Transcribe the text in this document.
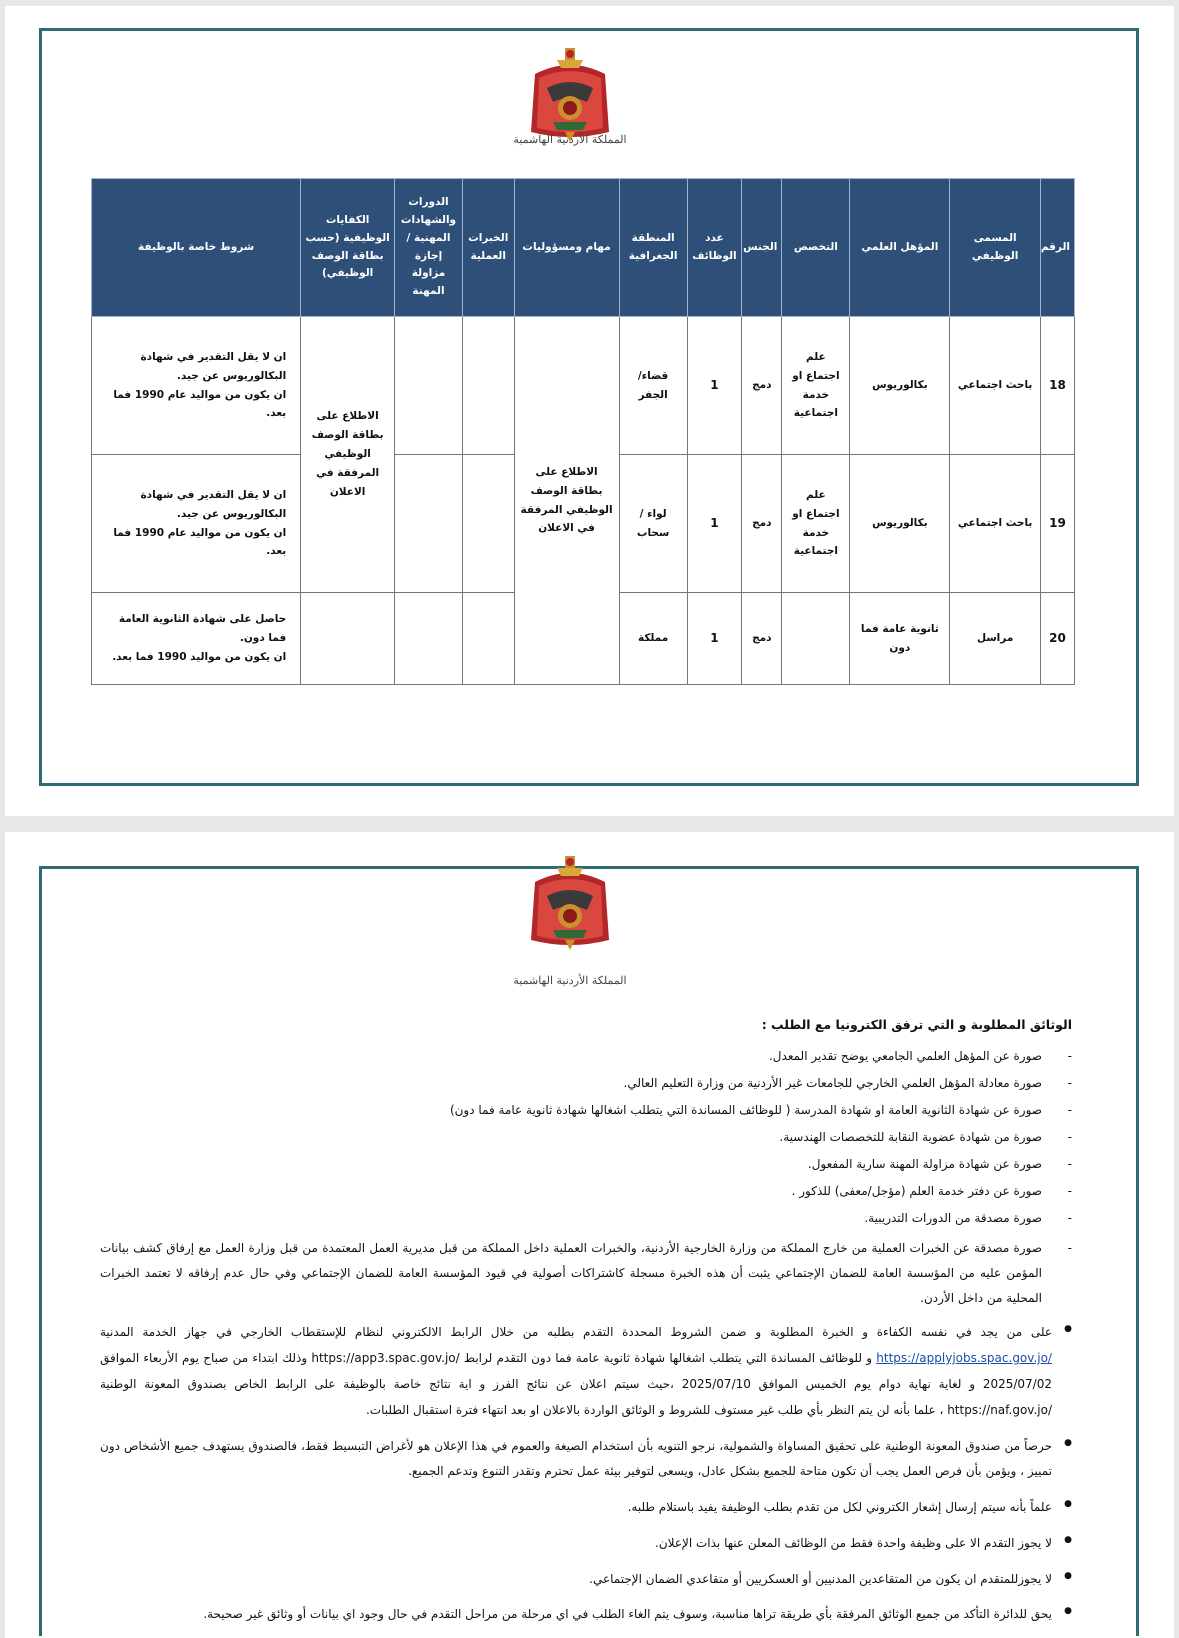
المملكة الأردنية الهاشمية
المملكة الأردنية الهاشمية
الرقم	المسمى الوظيفي	المؤهل العلمي	التخصص	الجنس	عدد الوظائف	المنطقة الجغرافية	مهام ومسؤوليات	الخبرات العملية	الدورات والشهادات المهنية /إجازة مزاولة المهنة	الكفايات الوظيفية (حسب بطاقة الوصف الوظيفي)	شروط خاصة بالوظيفة
18	باحث اجتماعي	بكالوريوس	علم اجتماع او خدمة اجتماعية	دمج	1	قضاء/الجفر	الاطلاع على بطاقة الوصف الوظيفي المرفقة في الاعلان			الاطلاع على بطاقة الوصف الوظيفي المرفقة في الاعلان	ان لا يقل التقدير في شهادة البكالوريوس عن جيد.
ان يكون من مواليد عام 1990 فما بعد.

19	باحث اجتماعي	بكالوريوس	علم اجتماع او خدمة اجتماعية	دمج	1	لواء / سحاب					ان لا يقل التقدير في شهادة البكالوريوس عن جيد.
ان يكون من مواليد عام 1990 فما بعد.

20	مراسل	ثانوية عامة فما دون		دمج	1	مملكة					حاصل على شهادة الثانوية العامة فما دون.
ان يكون من مواليد 1990 فما بعد.
الوثائق المطلوبة و التي ترفق الكترونيا مع الطلب :
- صورة عن المؤهل العلمي الجامعي يوضح تقدير المعدل.
- صورة معادلة المؤهل العلمي الخارجي للجامعات غير الأردنية من وزارة التعليم العالي.
- صورة عن شهادة الثانوية العامة او شهادة المدرسة ( للوظائف المساندة التي يتطلب اشغالها شهادة ثانوية عامة فما دون)
- صورة من شهادة عضوية النقابة للتخصصات الهندسية.
- صورة عن شهادة مزاولة المهنة سارية المفعول.
- صورة عن دفتر خدمة العلم (مؤجل/معفى) للذكور .
- صورة مصدقة من الدورات التدريبية.
- صورة مصدقة عن الخبرات العملية من خارج المملكة من وزارة الخارجية الأردنية، والخبرات العملية داخل المملكة من قبل مديرية العمل المعتمدة من قبل وزارة العمل مع إرفاق كشف بيانات المؤمن عليه من المؤسسة العامة للضمان الإجتماعي يثبت أن هذه الخبرة مسجلة كاشتراكات أصولية في قيود المؤسسة العامة للضمان الإجتماعي وفي حال عدم إرفاقه لا تعتمد الخبرات المحلية من داخل الأردن.
● على من يجد في نفسه الكفاءة و الخبرة المطلوبة و ضمن الشروط المحددة التقدم بطلبه من خلال الرابط الالكتروني لنظام للإستقطاب الخارجي في جهاز الخدمة المدنية https://applyjobs.spac.gov.jo/ و للوظائف المساندة التي يتطلب اشغالها شهادة ثانوية عامة فما دون التقدم لرابط https://app3.spac.gov.jo/ وذلك ابتداء من صباح يوم الأربعاء الموافق 2025/07/02 و لغاية نهاية دوام يوم الخميس الموافق 2025/07/10 ،حيث سيتم اعلان عن نتائج الفرز و اية نتائج خاصة بالوظيفة على الرابط الخاص بصندوق المعونة الوطنية https://naf.gov.jo/ ، علما بأنه لن يتم النظر بأي طلب غير مستوف للشروط و الوثائق الواردة بالاعلان او بعد انتهاء فترة استقبال الطلبات.
● حرصاً من صندوق المعونة الوطنية على تحقيق المساواة والشمولية، نرجو التنويه بأن استخدام الصيغة والعموم في هذا الإعلان هو لأغراض التبسيط فقط، فالصندوق يستهدف جميع الأشخاص دون تمييز ، ويؤمن بأن فرص العمل يجب أن تكون متاحة للجميع بشكل عادل، ويسعى لتوفير بيئة عمل تحترم وتقدر التنوع وتدعم الجميع.
● علماً بأنه سيتم إرسال إشعار الكتروني لكل من تقدم بطلب الوظيفة يفيد باستلام طلبه.
● لا يجوز التقدم الا على وظيفة واحدة فقط من الوظائف المعلن عنها بذات الإعلان.
● لا يجوزللمتقدم ان يكون من المتقاعدين المدنيين أو العسكريين أو متقاعدي الضمان الإجتماعي.
● يحق للدائرة التأكد من جميع الوثائق المرفقة بأي طريقة تراها مناسبة، وسوف يتم الغاء الطلب في اي مرحلة من مراحل التقدم في حال وجود اي بيانات أو وثائق غير صحيحة.
